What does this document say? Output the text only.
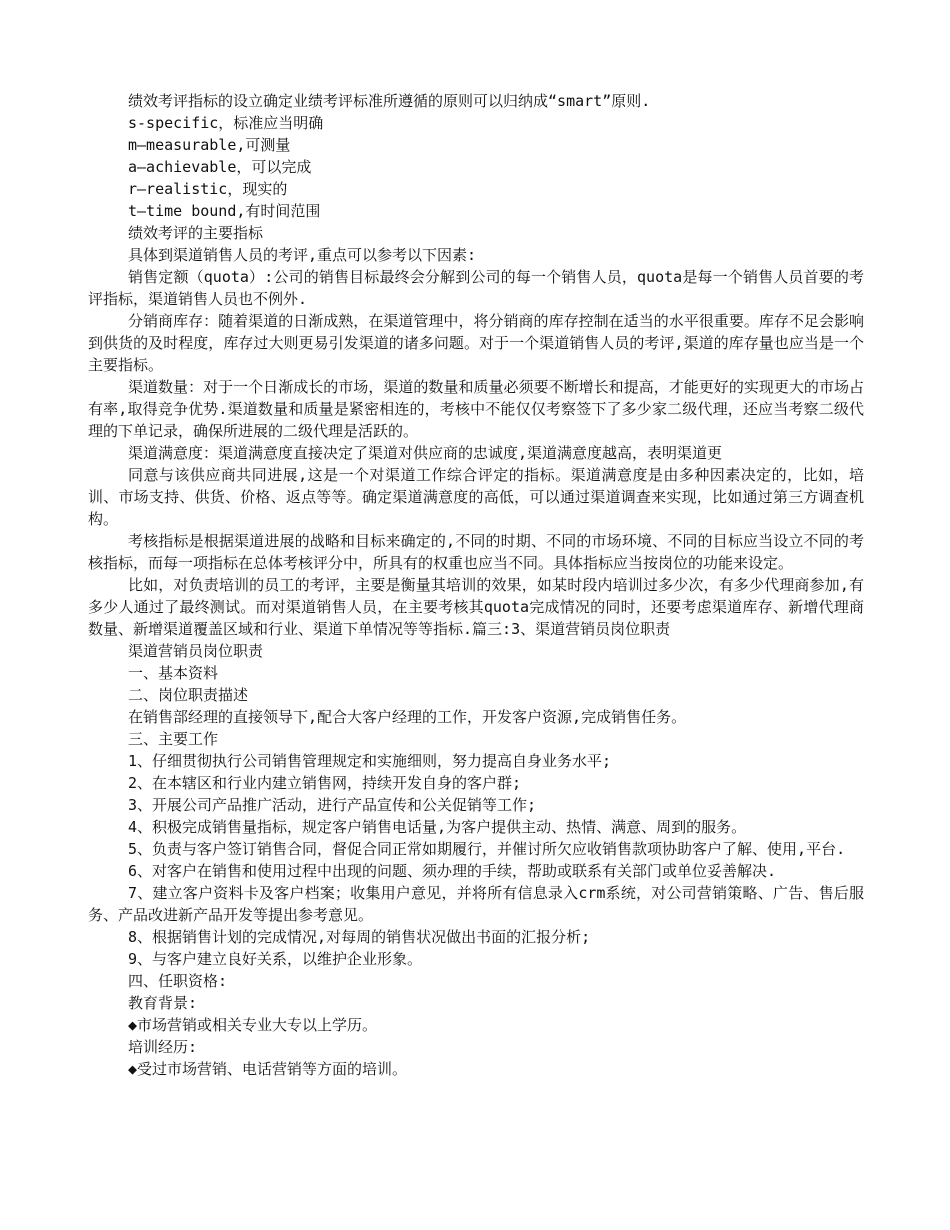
绩效考评指标的设立确定业绩考评标准所遵循的原则可以归纳成“smart”原则.

s-specific，标准应当明确

m—measurable,可测量

a—achievable，可以完成

r—realistic，现实的

t—time bound,有时间范围

绩效考评的主要指标

具体到渠道销售人员的考评,重点可以参考以下因素:

销售定额（quota）:公司的销售目标最终会分解到公司的每一个销售人员，quota是每一个销售人员首要的考评指标，渠道销售人员也不例外.

分销商库存：随着渠道的日渐成熟，在渠道管理中，将分销商的库存控制在适当的水平很重要。库存不足会影响到供货的及时程度，库存过大则更易引发渠道的诸多问题。对于一个渠道销售人员的考评,渠道的库存量也应当是一个主要指标。

渠道数量：对于一个日渐成长的市场，渠道的数量和质量必须要不断增长和提高，才能更好的实现更大的市场占有率,取得竞争优势.渠道数量和质量是紧密相连的，考核中不能仅仅考察签下了多少家二级代理，还应当考察二级代理的下单记录，确保所进展的二级代理是活跃的。

渠道满意度：渠道满意度直接决定了渠道对供应商的忠诚度,渠道满意度越高，表明渠道更

同意与该供应商共同进展,这是一个对渠道工作综合评定的指标。渠道满意度是由多种因素决定的，比如，培训、市场支持、供货、价格、返点等等。确定渠道满意度的高低，可以通过渠道调查来实现，比如通过第三方调查机构。

考核指标是根据渠道进展的战略和目标来确定的,不同的时期、不同的市场环境、不同的目标应当设立不同的考核指标，而每一项指标在总体考核评分中，所具有的权重也应当不同。具体指标应当按岗位的功能来设定。

比如，对负责培训的员工的考评，主要是衡量其培训的效果，如某时段内培训过多少次，有多少代理商参加,有多少人通过了最终测试。而对渠道销售人员，在主要考核其quota完成情况的同时，还要考虑渠道库存、新增代理商数量、新增渠道覆盖区域和行业、渠道下单情况等等指标.篇三:3、渠道营销员岗位职责

渠道营销员岗位职责

一、基本资料

二、岗位职责描述

在销售部经理的直接领导下,配合大客户经理的工作，开发客户资源,完成销售任务。

三、主要工作

1、仔细贯彻执行公司销售管理规定和实施细则，努力提高自身业务水平;

2、在本辖区和行业内建立销售网，持续开发自身的客户群;

3、开展公司产品推广活动，进行产品宣传和公关促销等工作;

4、积极完成销售量指标，规定客户销售电话量,为客户提供主动、热情、满意、周到的服务。

5、负责与客户签订销售合同，督促合同正常如期履行，并催讨所欠应收销售款项协助客户了解、使用,平台.

6、对客户在销售和使用过程中出现的问题、须办理的手续，帮助或联系有关部门或单位妥善解决.

7、建立客户资料卡及客户档案；收集用户意见，并将所有信息录入crm系统，对公司营销策略、广告、售后服务、产品改进新产品开发等提出参考意见。

8、根据销售计划的完成情况,对每周的销售状况做出书面的汇报分析;

9、与客户建立良好关系，以维护企业形象。

四、任职资格:

教育背景:

◆市场营销或相关专业大专以上学历。

培训经历:

◆受过市场营销、电话营销等方面的培训。
